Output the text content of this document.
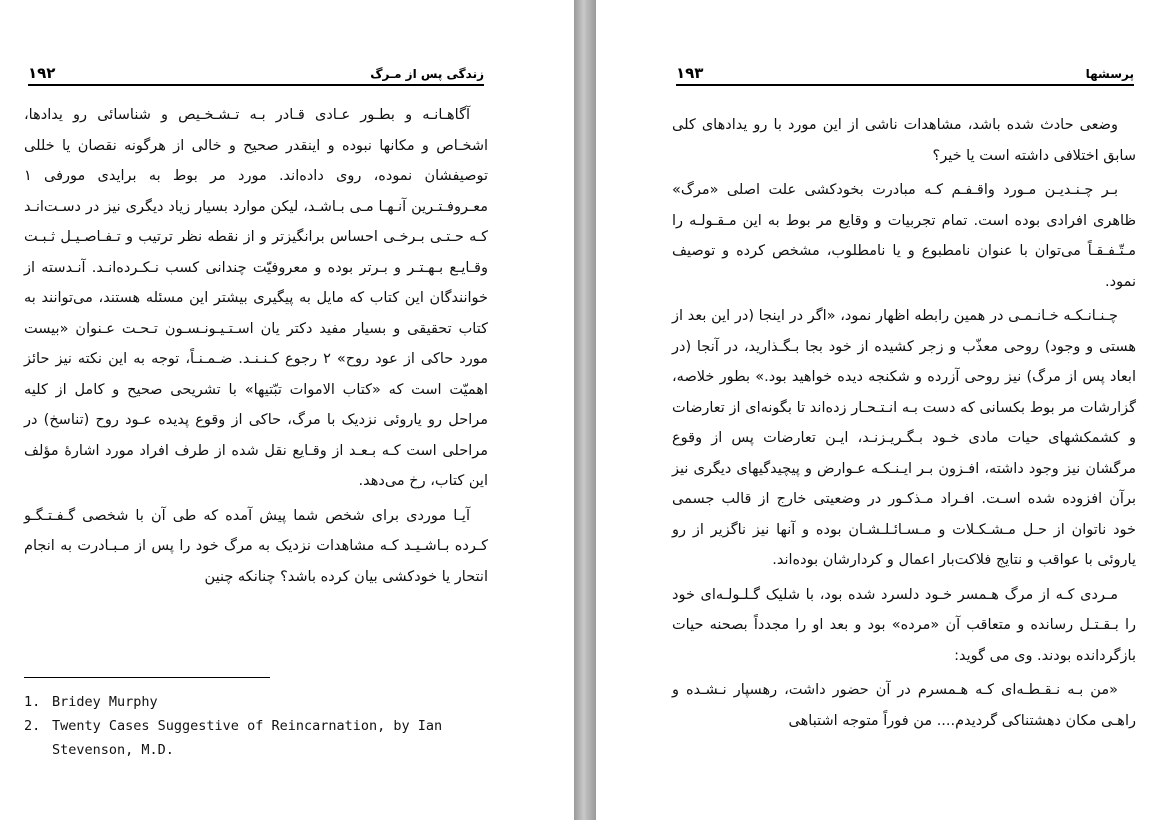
زندگی پس از مـرگ
۱۹۲

آگاهـانـه و بطـور عـادی قـادر بـه تـشـخـیص و شناسائی رو یدادها، اشخـاص و مکانها نبوده و اینقدر صحیح و خالی از هرگونه نقصان یا خللی توصیفشان نموده، روی داده‌اند. مورد مر بوط به برایدی مورفی ۱ معـروفـتـرین آنـهـا مـی بـاشـد، لیکن موارد بسیار زیاد دیگری نیز در دسـت‌انـد کـه حـتـی بـرخـی احساس برانگیزتر و از نقطه نظر ترتیب و تـفـاصـیـل ثـبـت وقـایـع بـهـتـر و بـرتر بوده و معروفیّت چندانی کسب نـکـرده‌انـد. آنـدسته از خوانندگان این کتاب که مایل به پیگیری بیشتر این مسئله هستند، می‌توانند به کتاب تحقیقی و بسیار مفید دکتر یان اسـتـیـونـسـون تـحـت عـنوان «بیست مورد حاکی از عود روح» ۲ رجوع کـنـنـد. ضـمـنـاً، توجه به این نکته نیز حائز اهمیّت است که «کتاب الاموات تبّتیها» با تشریحی صحیح و کامل از کلیه مراحل رو یاروئی نزدیک با مرگ، حاکی از وقوع پدیده عـود روح (تناسخ) در مراحلی است کـه بـعـد از وقـایع نقل شده از طرف افراد مورد اشارهٔ مؤلف این کتاب، رخ می‌دهد.

آیـا موردی برای شخص شما پیش آمده که طی آن با شخصی گـفـتـگـو کـرده بـاشـیـد کـه مشاهدات نزدیک به مرگ خود را پس از مـبـادرت به انجام انتحار یا خودکشی بیان کرده باشد؟ چنانکه چنین

1. Bridey Murphy
2. Twenty Cases Suggestive of Reincarnation, by Ian Stevenson, M.D.
پرسشها
۱۹۳

وضعی حادث شده باشد، مشاهدات ناشی از این مورد با رو یدادهای کلی سابق اختلافی داشته است یا خیر؟

بـر چـنـدیـن مـورد واقـفـم کـه مبادرت بخودکشی علت اصلی «مرگ» ظاهری افرادی بوده است. تمام تجربیات و وقایع مر بوط به این مـقـولـه را مـتّـفـقـاً می‌توان با عنوان نامطبوع و یا نامطلوب، مشخص کرده و توصیف نمود.

چـنـانـکـه خـانـمـی در همین رابطه اظهار نمود، «اگر در اینجا (در این بعد از هستی و وجود) روحی معذّب و زجر کشیده از خود بجا بـگـذارید، در آنجا (در ابعاد پس از مرگ) نیز روحی آزرده و شکنجه دیده خواهید بود.» بطور خلاصه، گزارشات مر بوط بکسانی که دست بـه انـتـحـار زده‌اند تا بگونه‌ای از تعارضات و کشمکشهای حیات مادی خـود بـگـریـزنـد، ایـن تعارضات پس از وقوع مرگشان نیز وجود داشته، افـزون بـر ایـنـکـه عـوارض و پیچیدگیهای دیگری نیز برآن افزوده شده اسـت. افـراد مـذکـور در وضعیتی خارج از قالب جسمی خود ناتوان از حـل مـشـکـلات و مـسـائـلـشـان بوده و آنها نیز ناگزیر از رو یاروئی با عواقب و نتایج فلاکت‌بار اعمال و کردارشان بوده‌اند.

مـردی کـه از مرگ هـمسر خـود دلسرد شده بود، با شلیک گـلـولـه‌ای خود را بـقـتـل رسانده و متعاقب آن «مرده» بود و بعد او را مجدداً بصحنه حیات بازگردانده بودند. وی می گوید:

«من بـه نـقـطـه‌ای کـه هـمسرم در آن حضور داشت، رهسپار نـشـده و راهـی مکان دهشتناکی گردیدم.... من فوراً متوجه اشتباهی
